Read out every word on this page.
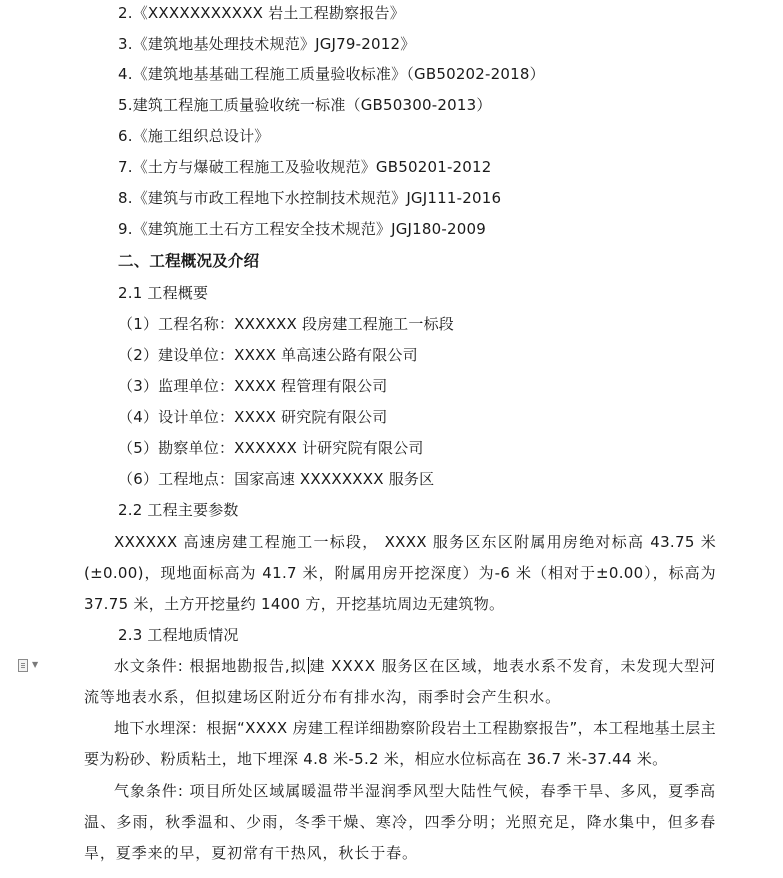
2.《XXXXXXXXXXX 岩土工程勘察报告》
3.《建筑地基处理技术规范》JGJ79-2012》
4.《建筑地基基础工程施工质量验收标准》（GB50202-2018）
5.建筑工程施工质量验收统一标准（GB50300-2013）
6.《施工组织总设计》
7.《土方与爆破工程施工及验收规范》GB50201-2012
8.《建筑与市政工程地下水控制技术规范》JGJ111-2016
9.《建筑施工土石方工程安全技术规范》JGJ180-2009
二、工程概况及介绍
2.1 工程概要
（1）工程名称：XXXXXX 段房建工程施工一标段
（2）建设单位：XXXX 单高速公路有限公司
（3）监理单位：XXXX 程管理有限公司
（4）设计单位：XXXX 研究院有限公司
（5）勘察单位：XXXXXX 计研究院有限公司
（6）工程地点：国家高速 XXXXXXXX 服务区
2.2 工程主要参数
XXXXXX 高速房建工程施工一标段， XXXX 服务区东区附属用房绝对标高 43.75 米(±0.00)，现地面标高为 41.7 米，附属用房开挖深度）为-6 米（相对于±0.00），标高为 37.75 米，土方开挖量约 1400 方，开挖基坑周边无建筑物。
2.3 工程地质情况
▼	水文条件: 根据地勘报告,拟 建 XXXX 服务区在区域，地表水系不发育，未发现大型河流等地表水系，但拟建场区附近分布有排水沟，雨季时会产生积水。
地下水埋深：根据“XXXX 房建工程详细勘察阶段岩土工程勘察报告”，本工程地基土层主要为粉砂、粉质粘土，地下埋深 4.8 米-5.2 米，相应水位标高在 36.7 米-37.44 米。
气象条件: 项目所处区域属暖温带半湿润季风型大陆性气候，春季干旱、多风，夏季高温、多雨，秋季温和、少雨，冬季干燥、寒冷，四季分明；光照充足，降水集中，但多春旱，夏季来的早，夏初常有干热风，秋长于春。
